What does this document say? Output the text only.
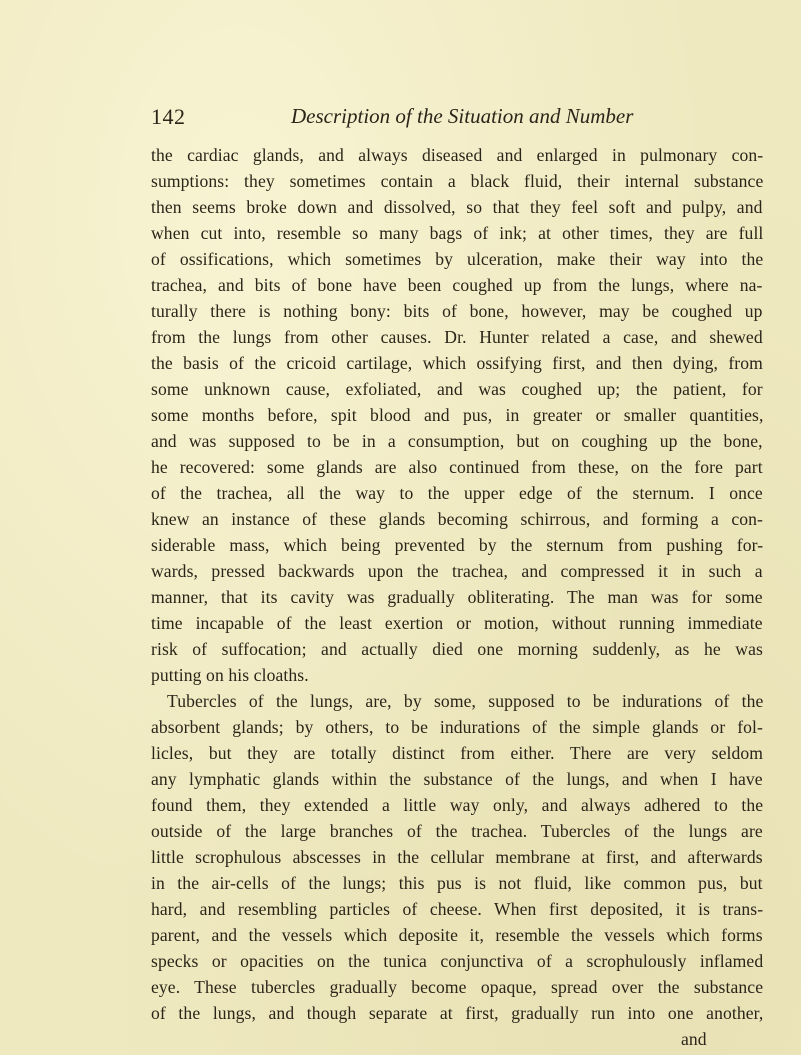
142	Description of the Situation and Number
the cardiac glands, and always diseased and enlarged in pulmonary con-
sumptions: they sometimes contain a black fluid, their internal substance
then seems broke down and dissolved, so that they feel soft and pulpy, and
when cut into, resemble so many bags of ink; at other times, they are full
of ossifications, which sometimes by ulceration, make their way into the
trachea, and bits of bone have been coughed up from the lungs, where na-
turally there is nothing bony: bits of bone, however, may be coughed up
from the lungs from other causes. Dr. Hunter related a case, and shewed
the basis of the cricoid cartilage, which ossifying first, and then dying, from
some unknown cause, exfoliated, and was coughed up; the patient, for
some months before, spit blood and pus, in greater or smaller quantities,
and was supposed to be in a consumption, but on coughing up the bone,
he recovered: some glands are also continued from these, on the fore part
of the trachea, all the way to the upper edge of the sternum. I once
knew an instance of these glands becoming schirrous, and forming a con-
siderable mass, which being prevented by the sternum from pushing for-
wards, pressed backwards upon the trachea, and compressed it in such a
manner, that its cavity was gradually obliterating. The man was for some
time incapable of the least exertion or motion, without running immediate
risk of suffocation; and actually died one morning suddenly, as he was
putting on his cloaths.
Tubercles of the lungs, are, by some, supposed to be indurations of the
absorbent glands; by others, to be indurations of the simple glands or fol-
licles, but they are totally distinct from either. There are very seldom
any lymphatic glands within the substance of the lungs, and when I have
found them, they extended a little way only, and always adhered to the
outside of the large branches of the trachea. Tubercles of the lungs are
little scrophulous abscesses in the cellular membrane at first, and afterwards
in the air-cells of the lungs; this pus is not fluid, like common pus, but
hard, and resembling particles of cheese. When first deposited, it is trans-
parent, and the vessels which deposite it, resemble the vessels which forms
specks or opacities on the tunica conjunctiva of a scrophulously inflamed
eye. These tubercles gradually become opaque, spread over the substance
of the lungs, and though separate at first, gradually run into one another,
and
